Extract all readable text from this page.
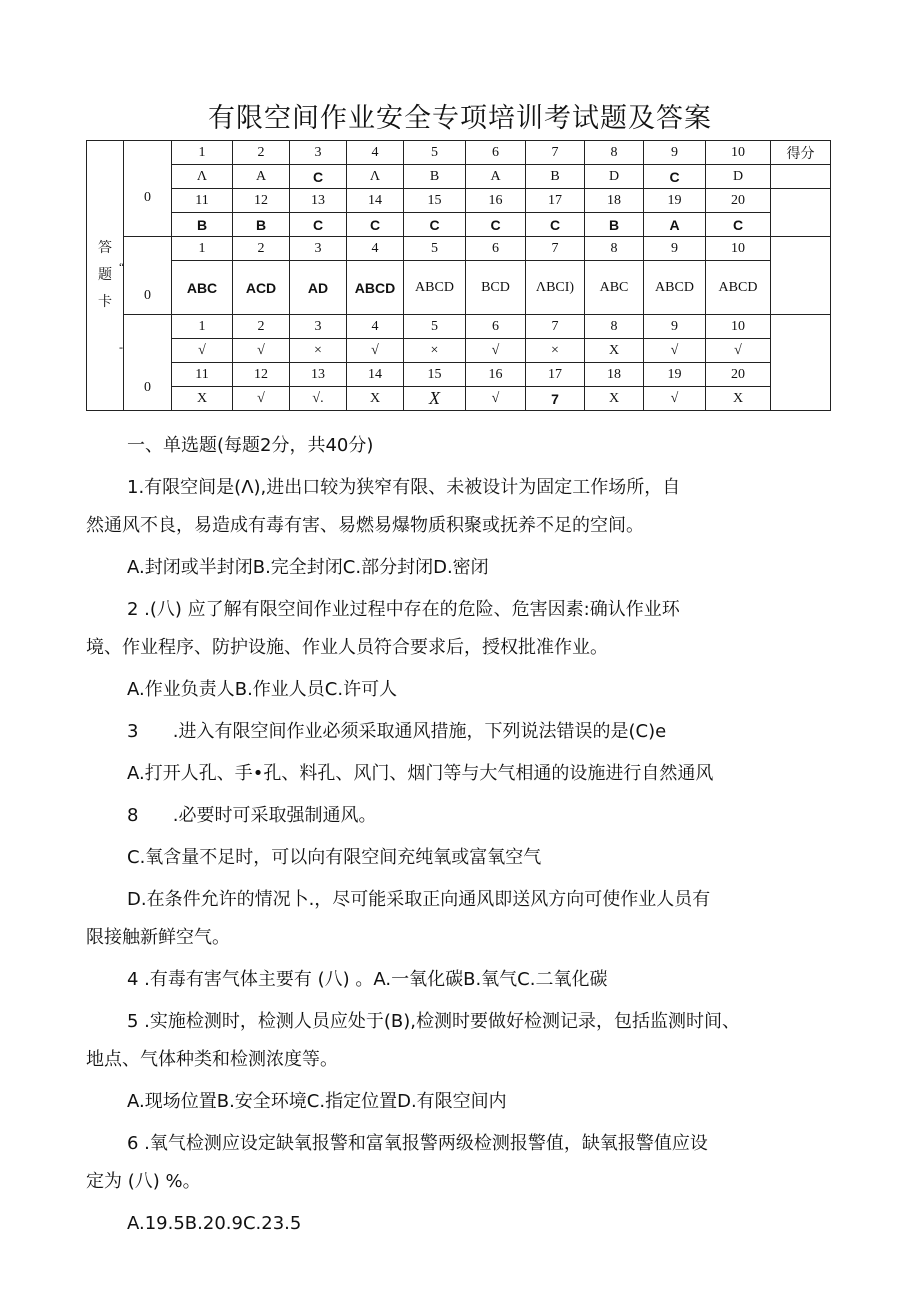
有限空间作业安全专项培训考试题及答案
答
题
卡	0	1	2	3	4	5	6	7	8	9	10	得分
		Λ	A	C	Λ	B	A	B	D	C	D	
		11	12	13	14	15	16	17	18	19	20	
		B	B	C	C	C	C	C	B	A	C	

	“
0	1	2	3	4	5	6	7	8	9	10	
		ABC	ACD	AD	ABCD	ABCD	BCD	ΛBCI)	ABC	ABCD	ABCD	

	-
0	1	2	3	4	5	6	7	8	9	10	
		√	√	×	√	×	√	×	X	√	√	
		11	12	13	14	15	16	17	18	19	20	
		X	√	√.	X	X	√	7	X	√	X	

一、单选题(每题2分，共40分)

1.有限空间是(Λ),进出口较为狭窄有限、未被设计为固定工作场所，自

然通风不良，易造成有毒有害、易燃易爆物质积聚或抚养不足的空间。

A.封闭或半封闭B.完全封闭C.部分封闭D.密闭

2 .(八) 应了解有限空间作业过程中存在的危险、危害因素:确认作业环

境、作业程序、防护设施、作业人员符合要求后，授权批准作业。

A.作业负责人B.作业人员C.许可人

3      .进入有限空间作业必须采取通风措施，下列说法错误的是(C)e

A.打开人孔、手•孔、料孔、风门、烟门等与大气相通的设施进行自然通风

8      .必要时可采取强制通风。

C.氧含量不足时，可以向有限空间充纯氧或富氧空气

D.在条件允许的情况卜.，尽可能采取正向通风即送风方向可使作业人员有

限接触新鲜空气。

4 .有毒有害气体主要有 (八) 。A.一氧化碳B.氧气C.二氧化碳

5 .实施检测时，检测人员应处于(B),检测时要做好检测记录，包括监测时间、

地点、气体种类和检测浓度等。

A.现场位置B.安全环境C.指定位置D.有限空间内

6 .氧气检测应设定缺氧报警和富氧报警两级检测报警值，缺氧报警值应设

定为 (八) %。

A.19.5B.20.9C.23.5
